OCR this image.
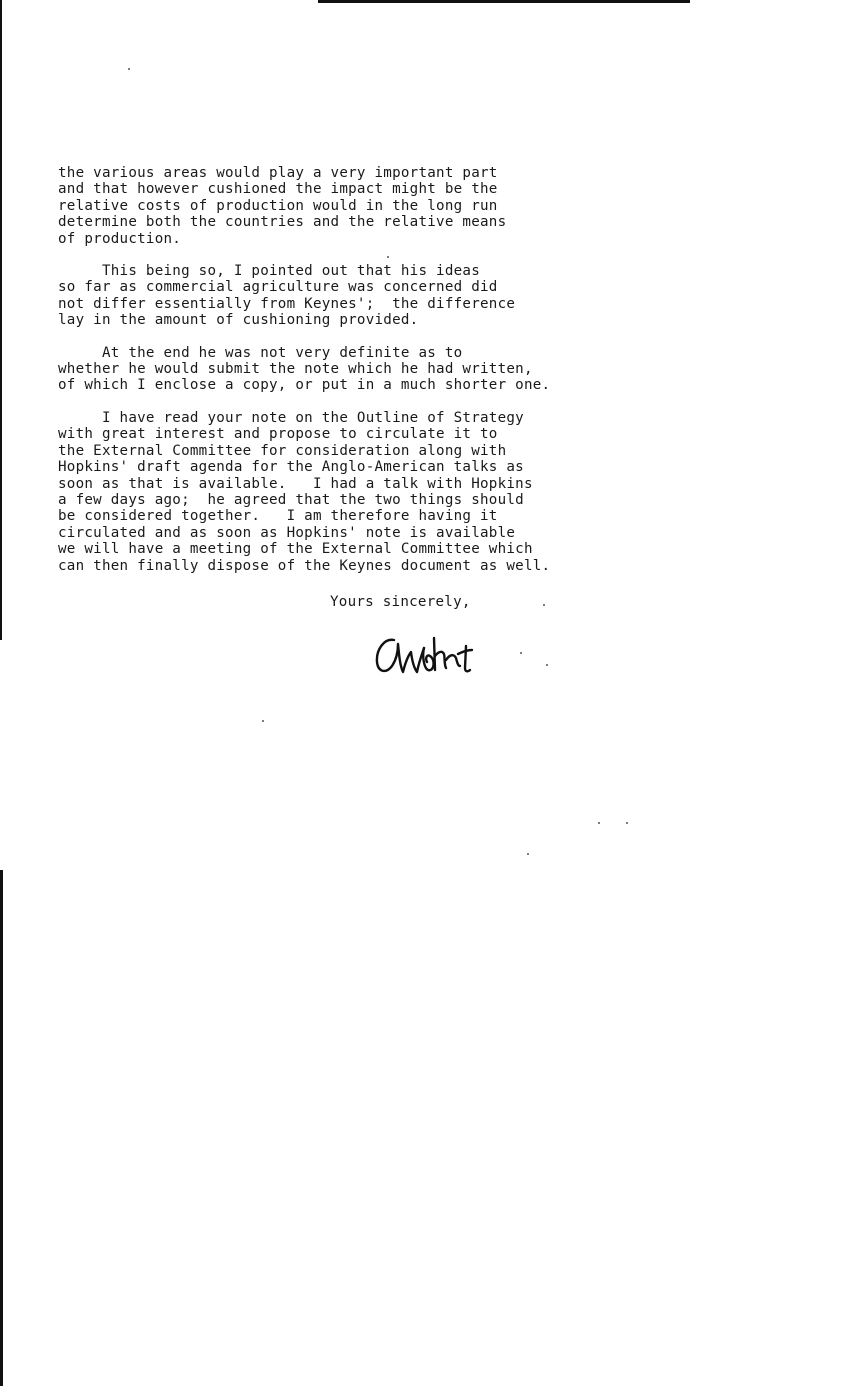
the various areas would play a very important part
and that however cushioned the impact might be the
relative costs of production would in the long run
determine both the countries and the relative means
of production.

This being so, I pointed out that his ideas
so far as commercial agriculture was concerned did
not differ essentially from Keynes';  the difference
lay in the amount of cushioning provided.

At the end he was not very definite as to
whether he would submit the note which he had written,
of which I enclose a copy, or put in a much shorter one.

I have read your note on the Outline of Strategy
with great interest and propose to circulate it to
the External Committee for consideration along with
Hopkins' draft agenda for the Anglo-American talks as
soon as that is available.   I had a talk with Hopkins
a few days ago;  he agreed that the two things should
be considered together.   I am therefore having it
circulated and as soon as Hopkins' note is available
we will have a meeting of the External Committee which
can then finally dispose of the Keynes document as well.

Yours sincerely,
